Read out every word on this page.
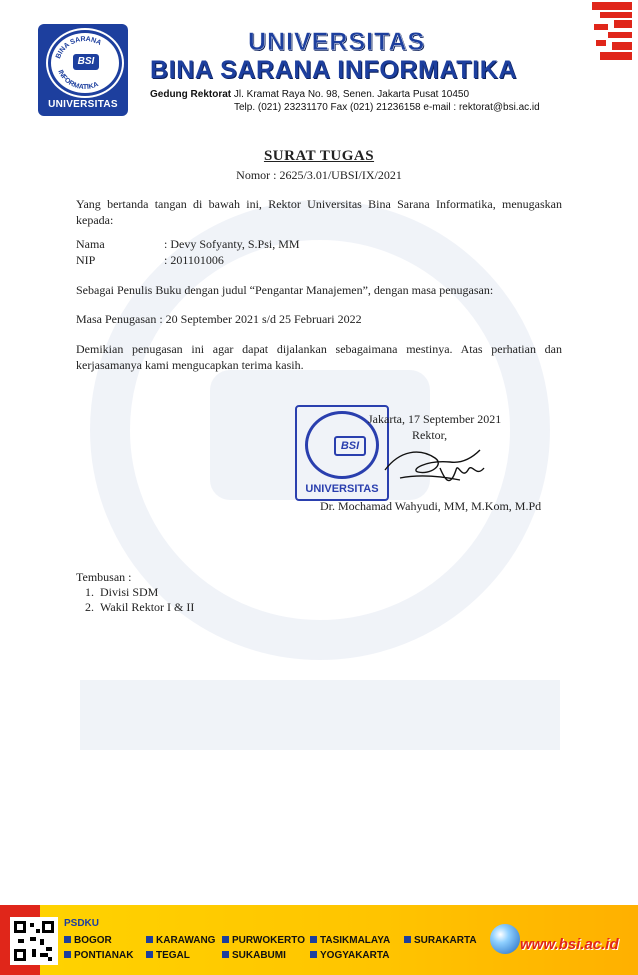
BINA SARANA
INFORMATIKA
BSI
UNIVERSITAS
UNIVERSITAS
BINA SARANA INFORMATIKA
Gedung Rektorat Jl. Kramat Raya No. 98, Senen. Jakarta Pusat 10450
Telp. (021) 23231170 Fax (021) 21236158 e-mail : rektorat@bsi.ac.id
SURAT TUGAS
Nomor : 2625/3.01/UBSI/IX/2021
Yang bertanda tangan di bawah ini, Rektor Universitas Bina Sarana Informatika, menugaskan kepada:
Nama	: Devy Sofyanty, S.Psi, MM
NIP	: 201101006
Sebagai Penulis Buku dengan judul “Pengantar Manajemen”, dengan masa penugasan:
Masa Penugasan : 20 September 2021 s/d 25 Februari 2022
Demikian penugasan ini agar dapat dijalankan sebagaimana mestinya. Atas perhatian dan kerjasamanya kami mengucapkan terima kasih.
BSI
UNIVERSITAS
Jakarta, 17 September 2021
Rektor,
Dr. Mochamad Wahyudi, MM, M.Kom, M.Pd
Tembusan :
1. Divisi SDM
2. Wakil Rektor I & II
PSDKU
BOGOR	KARAWANG	PURWOKERTO	TASIKMALAYA	SURAKARTA
PONTIANAK	TEGAL	SUKABUMI	YOGYAKARTA
www.bsi.ac.id
